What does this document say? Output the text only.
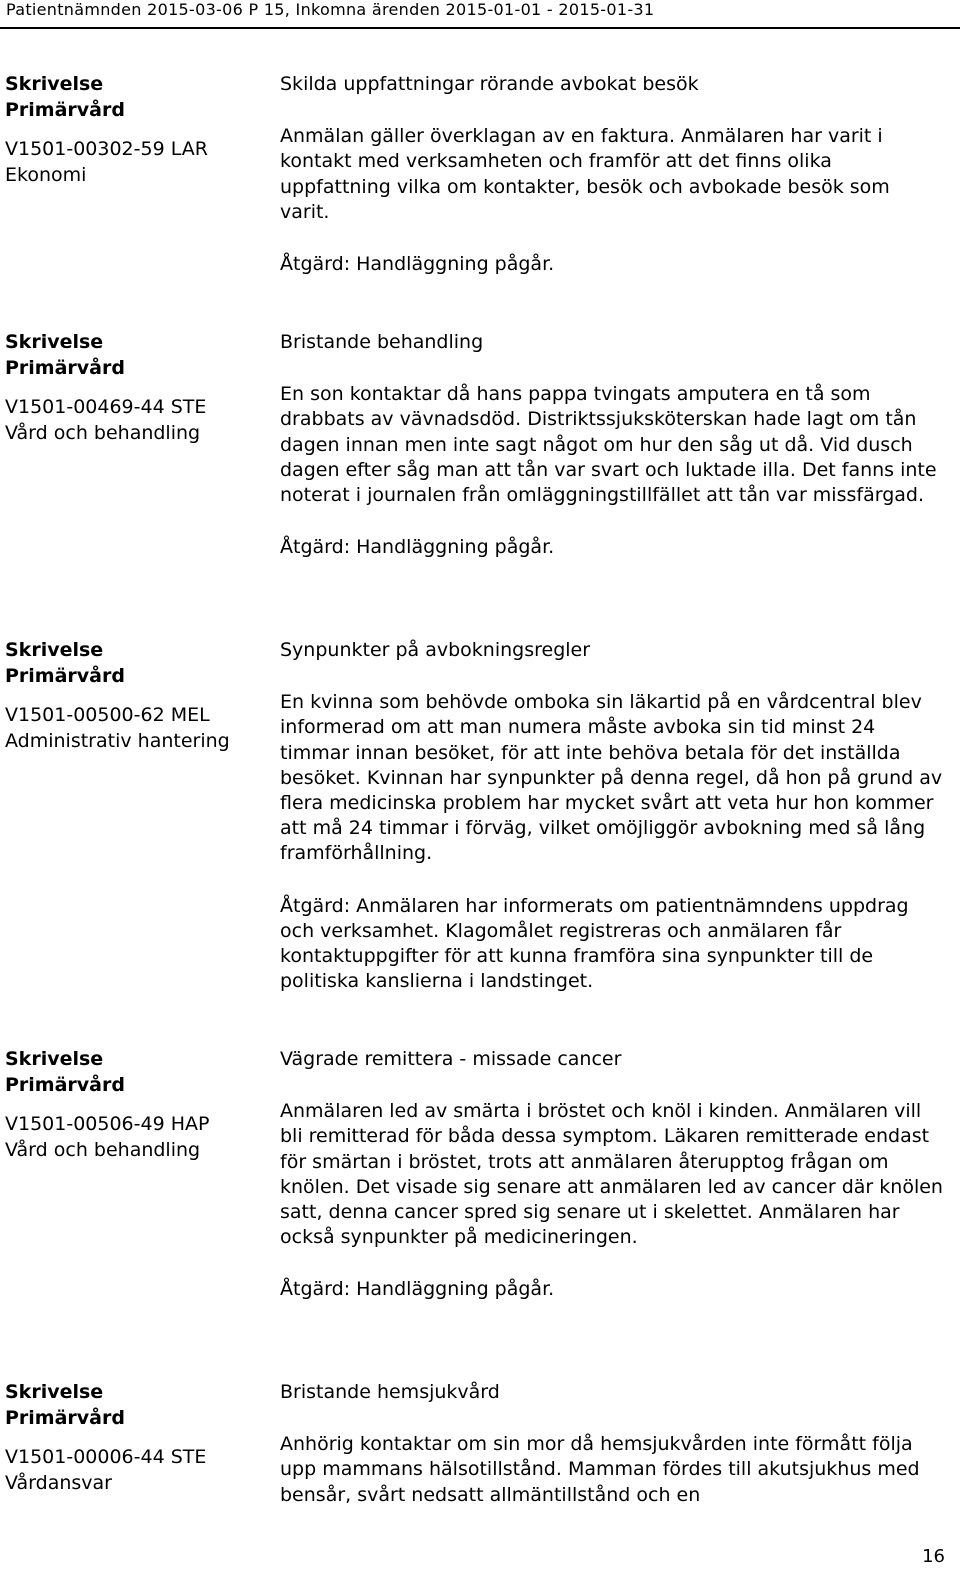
Patientnämnden 2015-03-06 P 15, Inkomna ärenden 2015-01-01 - 2015-01-31
Skrivelse
Primärvård
V1501-00302-59 LAR
Ekonomi

Skilda uppfattningar rörande avbokat besök

Anmälan gäller överklagan av en faktura. Anmälaren har varit i kontakt med verksamheten och framför att det finns olika uppfattning vilka om kontakter, besök och avbokade besök som varit.

Åtgärd: Handläggning pågår.

Skrivelse
Primärvård
V1501-00469-44 STE
Vård och behandling

Bristande behandling

En son kontaktar då hans pappa tvingats amputera en tå som drabbats av vävnadsdöd. Distriktssjuksköterskan hade lagt om tån dagen innan men inte sagt något om hur den såg ut då. Vid dusch dagen efter såg man att tån var svart och luktade illa. Det fanns inte noterat i journalen från omläggningstillfället att tån var missfärgad.

Åtgärd: Handläggning pågår.

Skrivelse
Primärvård
V1501-00500-62 MEL
Administrativ hantering

Synpunkter på avbokningsregler

En kvinna som behövde omboka sin läkartid på en vårdcentral blev informerad om att man numera måste avboka sin tid minst 24 timmar innan besöket, för att inte behöva betala för det inställda besöket. Kvinnan har synpunkter på denna regel, då hon på grund av flera medicinska problem har mycket svårt att veta hur hon kommer att må 24 timmar i förväg, vilket omöjliggör avbokning med så lång framförhållning.

Åtgärd: Anmälaren har informerats om patientnämndens uppdrag och verksamhet. Klagomålet registreras och anmälaren får kontaktuppgifter för att kunna framföra sina synpunkter till de politiska kanslierna i landstinget.

Skrivelse
Primärvård
V1501-00506-49 HAP
Vård och behandling

Vägrade remittera - missade cancer

Anmälaren led av smärta i bröstet och knöl i kinden. Anmälaren vill bli remitterad för båda dessa symptom. Läkaren remitterade endast för smärtan i bröstet, trots att anmälaren återupptog frågan om knölen. Det visade sig senare att anmälaren led av cancer där knölen satt, denna cancer spred sig senare ut i skelettet. Anmälaren har också synpunkter på medicineringen.

Åtgärd: Handläggning pågår.

Skrivelse
Primärvård
V1501-00006-44 STE
Vårdansvar

Bristande hemsjukvård

Anhörig kontaktar om sin mor då hemsjukvården inte förmått följa upp mammans hälsotillstånd. Mamman fördes till akutsjukhus med bensår, svårt nedsatt allmäntillstånd och en

16
